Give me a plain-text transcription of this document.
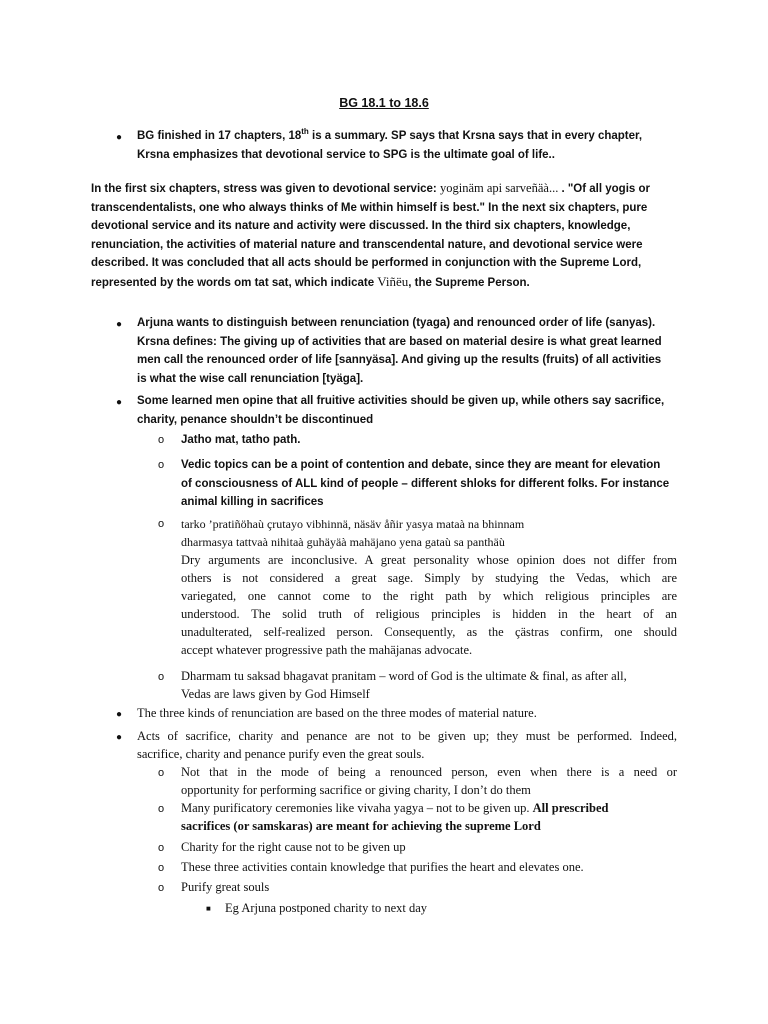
BG 18.1 to 18.6
● BG finished in 17 chapters, 18th is a summary. SP says that Krsna says that in every chapter,
Krsna emphasizes that devotional service to SPG is the ultimate goal of life..
In the first six chapters, stress was given to devotional service: yoginäm api sarveñäà... . "Of all yogis or
transcendentalists, one who always thinks of Me within himself is best." In the next six chapters, pure
devotional service and its nature and activity were discussed. In the third six chapters, knowledge,
renunciation, the activities of material nature and transcendental nature, and devotional service were
described. It was concluded that all acts should be performed in conjunction with the Supreme Lord,
represented by the words om tat sat, which indicate Viñëu, the Supreme Person.
● Arjuna wants to distinguish between renunciation (tyaga) and renounced order of life (sanyas).
Krsna defines: The giving up of activities that are based on material desire is what great learned
men call the renounced order of life [sannyäsa]. And giving up the results (fruits) of all activities
is what the wise call renunciation [tyäga].
● Some learned men opine that all fruitive activities should be given up, while others say sacrifice,
charity, penance shouldn’t be discontinued
o Jatho mat, tatho path.
o Vedic topics can be a point of contention and debate, since they are meant for elevation
of consciousness of ALL kind of people – different shloks for different folks. For instance
animal killing in sacrifices
o tarko ’pratiñöhaù çrutayo vibhinnä, näsäv åñir yasya mataà na bhinnam
dharmasya tattvaà nihitaà guhäyäà mahäjano yena gataù sa panthäù
Dry arguments are inconclusive. A great personality whose opinion does not differ from
others is not considered a great sage. Simply by studying the Vedas, which are
variegated, one cannot come to the right path by which religious principles are
understood. The solid truth of religious principles is hidden in the heart of an
unadulterated, self-realized person. Consequently, as the çästras confirm, one should
accept whatever progressive path the mahäjanas advocate.
o Dharmam tu saksad bhagavat pranitam – word of God is the ultimate & final, as after all,
Vedas are laws given by God Himself
● The three kinds of renunciation are based on the three modes of material nature.
● Acts of sacrifice, charity and penance are not to be given up; they must be performed. Indeed,
sacrifice, charity and penance purify even the great souls.
o Not that in the mode of being a renounced person, even when there is a need or
opportunity for performing sacrifice or giving charity, I don’t do them
o Many purificatory ceremonies like vivaha yagya – not to be given up. All prescribed
sacrifices (or samskaras) are meant for achieving the supreme Lord
o Charity for the right cause not to be given up
o These three activities contain knowledge that purifies the heart and elevates one.
o Purify great souls
■ Eg Arjuna postponed charity to next day
